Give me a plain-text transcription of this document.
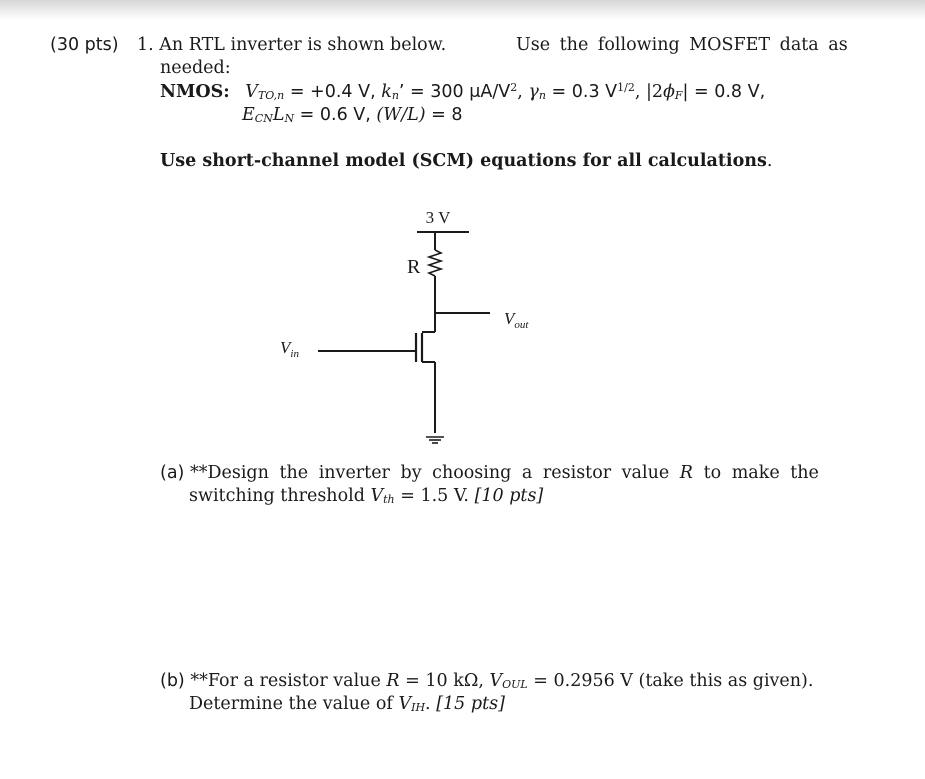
(30 pts) 1. An RTL inverter is shown below.	Use the following MOSFET data as
needed:
NMOS: $V_{TO,n} = +0.4$ V, $k_n$’ = 300 $\mu A/V^2$, $\gamma_n = 0.3$ $V^{1/2}$, $|2\phi_F| = 0.8$ V,
$E_{CN}L_N = 0.6$ V, (W/L) = 8
Use short-channel model (SCM) equations for all calculations.
3 V
R
$V_{out}$
$V_{in}$
(a) **Design the inverter by choosing a resistor value R to make the
switching threshold $V_{th} = 1.5$ V. [10 pts]
(b) **For a resistor value R = 10 kΩ, $V_{OUL} = 0.2956$ V (take this as given).
Determine the value of $V_{IH}$. [15 pts]
